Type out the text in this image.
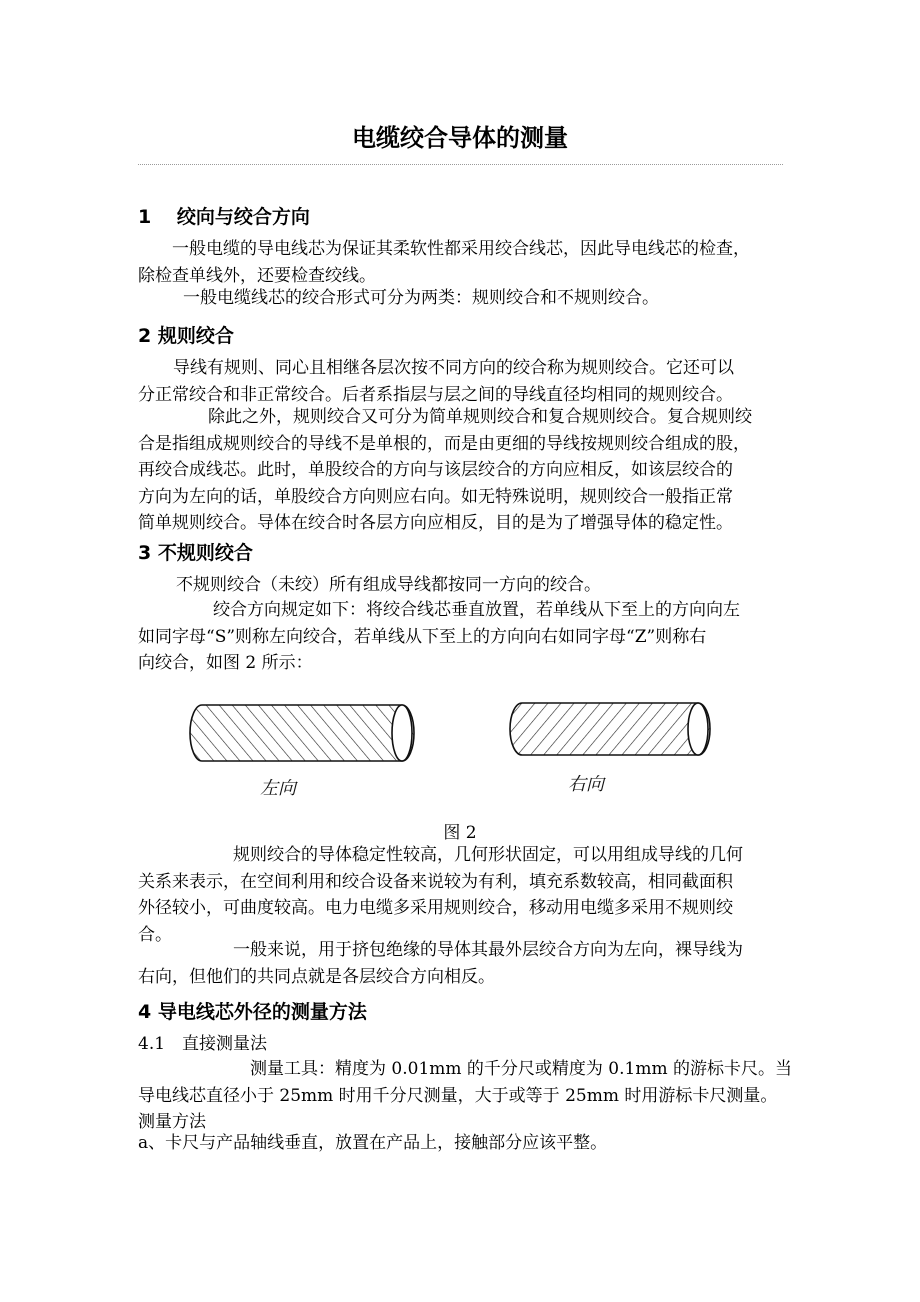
电缆绞合导体的测量
1　 绞向与绞合方向

一般电缆的导电线芯为保证其柔软性都采用绞合线芯，因此导电线芯的检查，
除检查单线外，还要检查绞线。

一般电缆线芯的绞合形式可分为两类：规则绞合和不规则绞合。

2 规则绞合

导线有规则、同心且相继各层次按不同方向的绞合称为规则绞合。它还可以
分正常绞合和非正常绞合。后者系指层与层之间的导线直径均相同的规则绞合。

除此之外，规则绞合又可分为简单规则绞合和复合规则绞合。复合规则绞
合是指组成规则绞合的导线不是单根的，而是由更细的导线按规则绞合组成的股，
再绞合成线芯。此时，单股绞合的方向与该层绞合的方向应相反，如该层绞合的
方向为左向的话，单股绞合方向则应右向。如无特殊说明，规则绞合一般指正常
简单规则绞合。导体在绞合时各层方向应相反，目的是为了增强导体的稳定性。

3 不规则绞合

不规则绞合（未绞）所有组成导线都按同一方向的绞合。

绞合方向规定如下：将绞合线芯垂直放置，若单线从下至上的方向向左
如同字母“S”则称左向绞合，若单线从下至上的方向向右如同字母“Z”则称右
向绞合，如图 2 所示：

左向	右向

图 2

规则绞合的导体稳定性较高，几何形状固定，可以用组成导线的几何
关系来表示，在空间利用和绞合设备来说较为有利，填充系数较高，相同截面积
外径较小，可曲度较高。电力电缆多采用规则绞合，移动用电缆多采用不规则绞
合。

一般来说，用于挤包绝缘的导体其最外层绞合方向为左向，裸导线为
右向，但他们的共同点就是各层绞合方向相反。

4 导电线芯外径的测量方法

4.1　直接测量法

测量工具：精度为 0.01mm 的千分尺或精度为 0.1mm 的游标卡尺。当
导电线芯直径小于 25mm 时用千分尺测量，大于或等于 25mm 时用游标卡尺测量。
测量方法

a、卡尺与产品轴线垂直，放置在产品上，接触部分应该平整。
